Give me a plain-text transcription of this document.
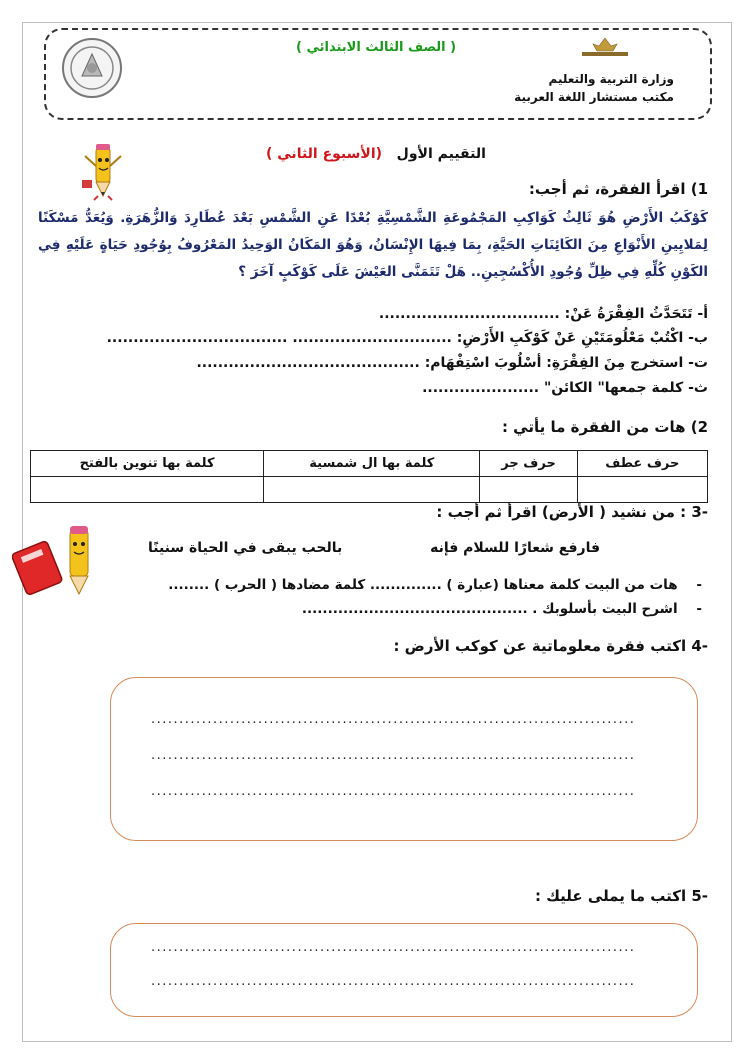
( الصف الثالث الابتدائي )
وزارة التربية والتعليم
مكتب مستشار اللغة العربية
التقييم الأول   (الأسبوع الثاني )
1) اقرأ الفقرة، ثم أجب:
كَوْكَبُ الأَرْضِ هُوَ ثَالِثُ كَوَاكِبِ المَجْمُوعَةِ الشَّمْسِيَّةِ بُعْدًا عَنِ الشَّمْسِ بَعْدَ عُطَارِدَ وَالزُّهَرَةِ. وَيُعَدُّ مَسْكَنًا لِمَلايِينِ الأَنْوَاعِ مِنَ الكَائِنَاتِ الحَيَّةِ، بِمَا فِيهَا الإِنْسَانُ، وَهُوَ المَكَانُ الوَحِيدُ المَعْرُوفُ بِوُجُودِ حَيَاةٍ عَلَيْهِ فِي الكَوْنِ كُلِّهِ فِي ظِلِّ وُجُودِ الأُكْسُجِينِ.. هَلْ تَتَمَنَّى العَيْشَ عَلَى كَوْكَبٍ آخَرَ ؟
أ- تَتَحَدَّثُ الفِقْرَةُ عَنْ: ..................................
ب- اكْتُبْ مَعْلُومَتَيْنِ عَنْ كَوْكَبِ الأَرْضِ: .............................. ..................................
ت- استخرج مِنَ الفِقْرَةِ: أسْلُوبَ اسْتِفْهَام: ..........................................
ث- كلمة جمعها" الكائن" ......................
2) هات من الفقرة ما يأتي :
كلمة بها تنوين بالفتح	كلمة بها ال شمسية	حرف جر	حرف عطف

-3 : من نشيد ( الأرض) اقرأ ثم أجب :
فارفع شعارًا للسلام فإنه
بالحب يبقى في الحياة سنينًا
-    هات من البيت كلمة معناها (عبارة ) .............. كلمة مضادها ( الحرب ) ........
-    اشرح البيت بأسلوبك . ............................................
-4 اكتب فقرة معلوماتية عن كوكب الأرض :
......................................................................................
......................................................................................
......................................................................................
-5 اكتب ما يملى عليك :
......................................................................................
......................................................................................
